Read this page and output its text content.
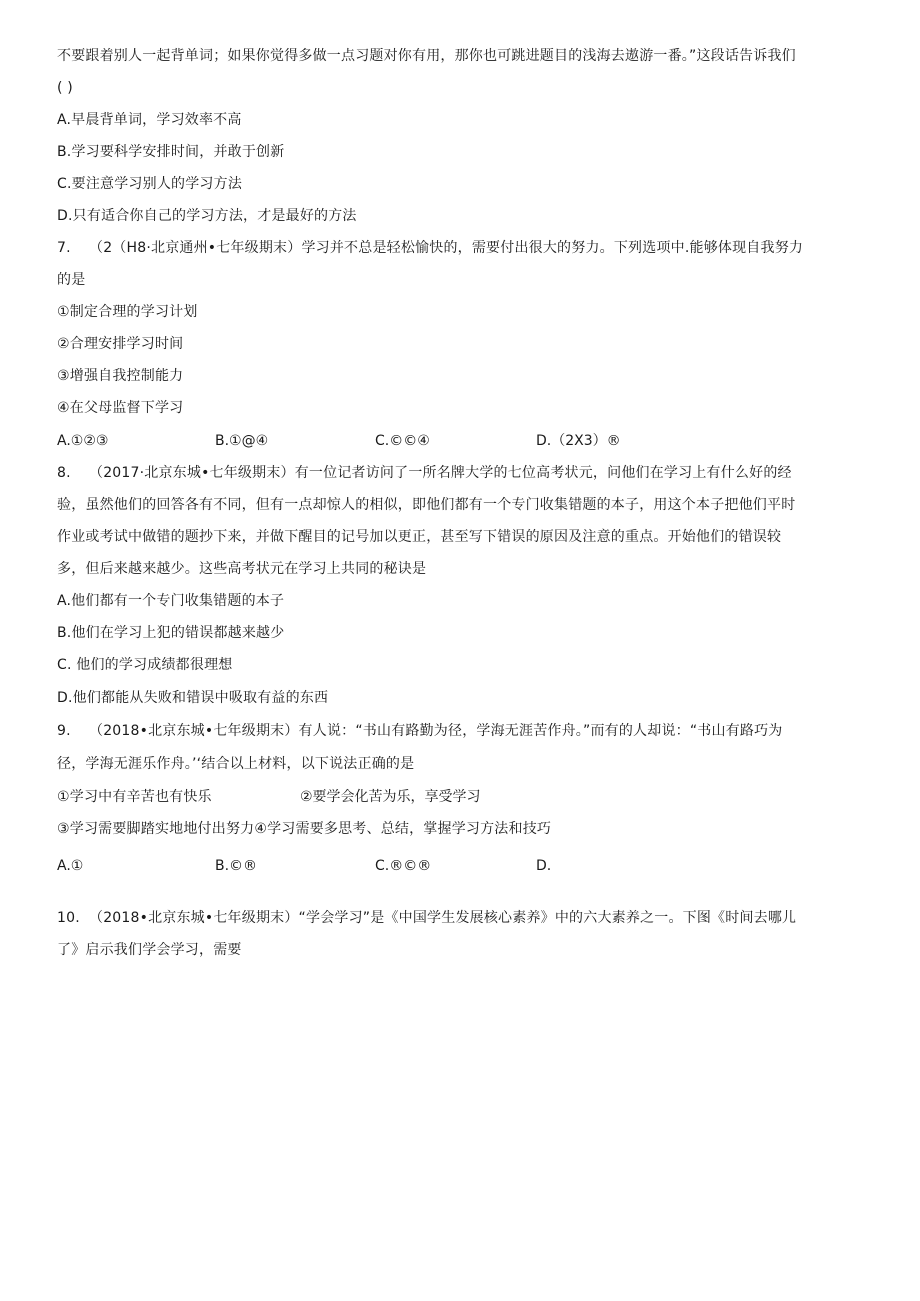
不要跟着别人一起背单词；如果你觉得多做一点习题对你有用，那你也可跳进题目的浅海去遨游一番。”这段话告诉我们
( )
A.早晨背单词，学习效率不高
B.学习要科学安排时间，并敢于创新
C.要注意学习别人的学习方法
D.只有适合你自己的学习方法，才是最好的方法
7. （2（H8·北京通州•七年级期末）学习并不总是轻松愉快的，需要付出很大的努力。下列选项中.能够体现自我努力
的是
①制定合理的学习计划
②合理安排学习时间
③增强自我控制能力
④在父母监督下学习
A.①②③	B.①@④	C.©©④	D.（2X3）®
8. （2017·北京东城•七年级期末）有一位记者访问了一所名牌大学的七位高考状元，问他们在学习上有什么好的经
验，虽然他们的回答各有不同，但有一点却惊人的相似，即他们都有一个专门收集错题的本子，用这个本子把他们平时
作业或考试中做错的题抄下来，并做下醒目的记号加以更正，甚至写下错误的原因及注意的重点。开始他们的错误较
多，但后来越来越少。这些高考状元在学习上共同的秘诀是
A.他们都有一个专门收集错题的本子
B.他们在学习上犯的错误都越来越少
C. 他们的学习成绩都很理想
D.他们都能从失败和错误中吸取有益的东西
9. （2018•北京东城•七年级期末）有人说：“书山有路勤为径，学海无涯苦作舟。”而有的人却说：“书山有路巧为
径，学海无涯乐作舟。’‘结合以上材料，以下说法正确的是
①学习中有辛苦也有快乐	②要学会化苦为乐，享受学习
③学习需要脚踏实地地付出努力④学习需要多思考、总结，掌握学习方法和技巧
A.①	B.©®	C.®©®	D.
10. （2018•北京东城•七年级期末）“学会学习”是《中国学生发展核心素养》中的六大素养之一。下图《时间去哪儿
了》启示我们学会学习，需要
